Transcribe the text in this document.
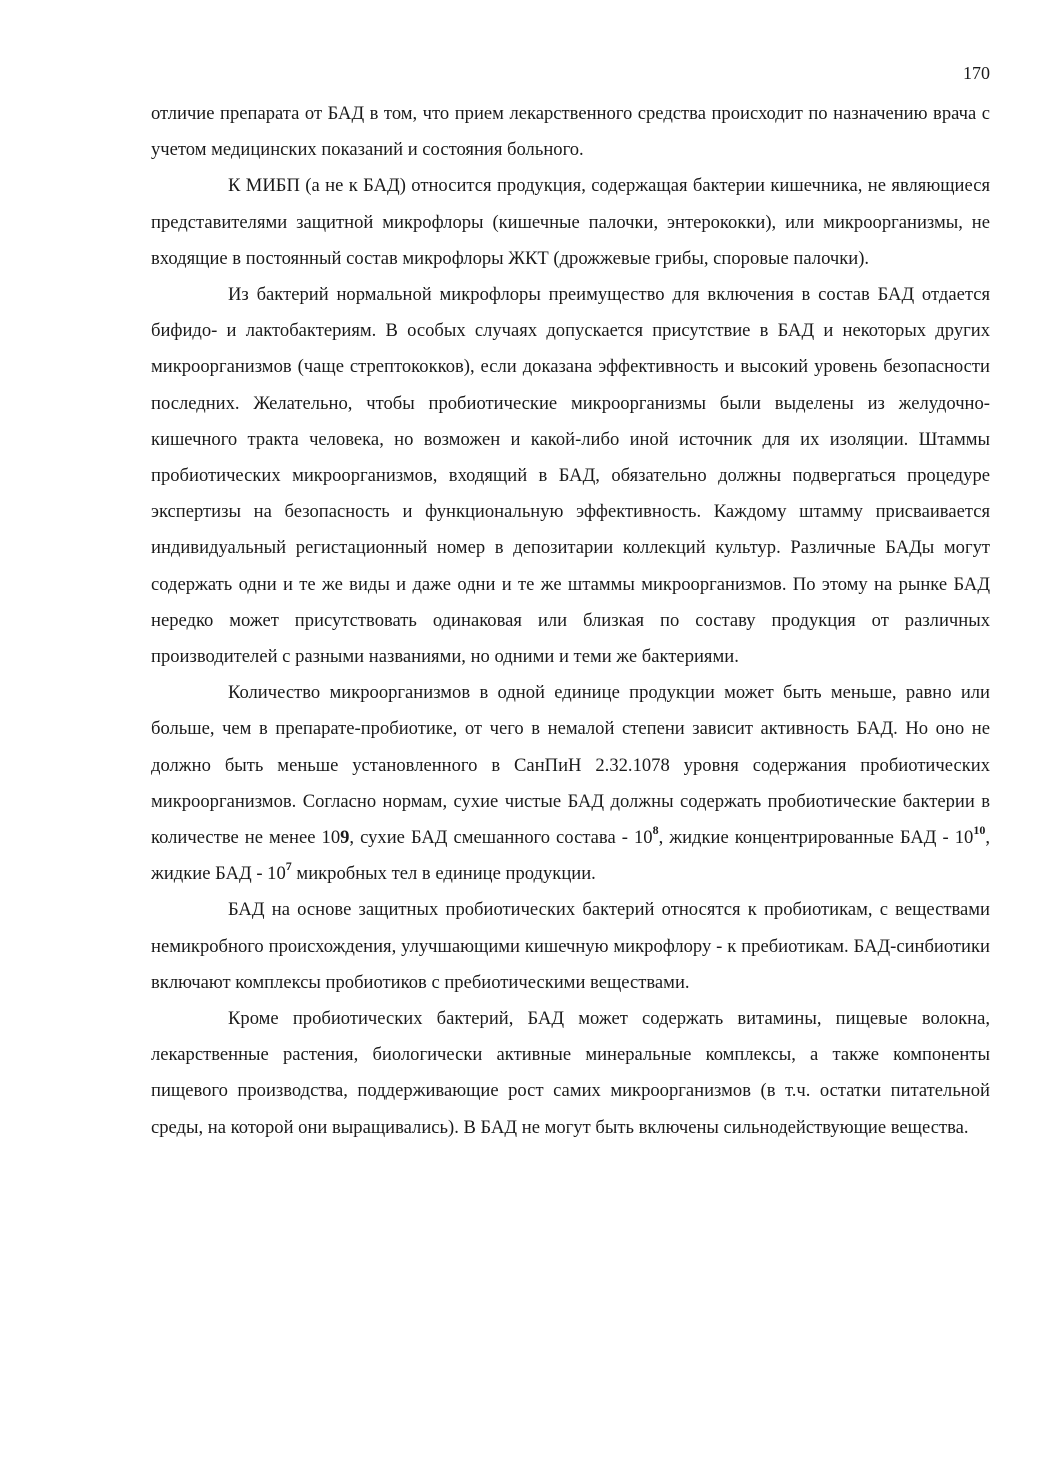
170

отличие препарата от БАД в том, что прием лекарственного средства происходит по назначению врача с учетом медицинских показаний и состояния больного.

К МИБП (а не к БАД) относится продукция, содержащая бактерии кишечника, не являющиеся представителями защитной микрофлоры (кишечные палочки, энтерококки), или микроорганизмы, не входящие в постоянный состав микрофлоры ЖКТ (дрожжевые грибы, споровые палочки).

Из бактерий нормальной микрофлоры преимущество для включения в состав БАД отдается бифидо- и лактобактериям. В особых случаях допускается присутствие в БАД и некоторых других микроорганизмов (чаще стрептококков), если доказана эффективность и высокий уровень безопасности последних. Желательно, чтобы пробиотические микроорганизмы были выделены из желудочно-кишечного тракта человека, но возможен и какой-либо иной источник для их изоляции. Штаммы пробиотических микроорганизмов, входящий в БАД, обязательно должны подвергаться процедуре экспертизы на безопасность и функциональную эффективность. Каждому штамму присваивается индивидуальный регистационный номер в депозитарии коллекций культур. Различные БАДы могут содержать одни и те же виды и даже одни и те же штаммы микроорганизмов. По этому на рынке БАД нередко может присутствовать одинаковая или близкая по составу продукция от различных производителей с разными названиями, но одними и теми же бактериями.

Количество микроорганизмов в одной единице продукции может быть меньше, равно или больше, чем в препарате-пробиотике, от чего в немалой степени зависит активность БАД. Но оно не должно быть меньше установленного в СанПиН 2.32.1078 уровня содержания пробиотических микроорганизмов. Согласно нормам, сухие чистые БАД должны содержать пробиотические бактерии в количестве не менее 109, сухие БАД смешанного состава - $10^8$, жидкие концентрированные БАД - $10^{10}$, жидкие БАД - $10^7$ микробных тел в единице продукции.

БАД на основе защитных пробиотических бактерий относятся к пробиотикам, с веществами немикробного происхождения, улучшающими кишечную микрофлору - к пребиотикам. БАД-синбиотики включают комплексы пробиотиков с пребиотическими веществами.

Кроме пробиотических бактерий, БАД может содержать витамины, пищевые волокна, лекарственные растения, биологически активные минеральные комплексы, а также компоненты пищевого производства, поддерживающие рост самих микроорганизмов (в т.ч. остатки питательной среды, на которой они выращивались). В БАД не могут быть включены сильнодействующие вещества.
